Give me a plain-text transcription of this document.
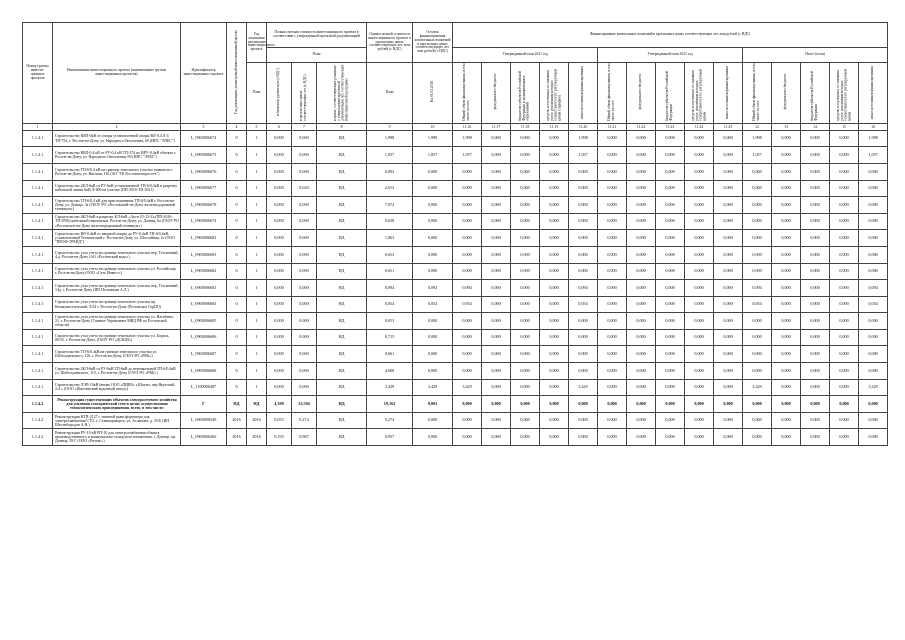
Номер группы инвести-ционных проектов	Наименование инвестиционного проекта (наименование группы инвестиционных проектов)	Идентификатор инвестиционного проекта	Год реализации, реализуемый инвестиционный проект	Год окончания реализации инвестиционного проекта	Полная сметная стоимость инвестиционного проекта в соответствии с утвержденной проектной документацией			Оценка полной стоимости инвестиционного проекта в прогнозных ценах соответствующих лет, млн рублей (с НДС)	Остаток финансирования капитальных вложений в прогнозных ценах соответствующих лет, млн рублей (с НДС)	Финансирование капитальных вложений в прогнозных ценах соответствующих лет, млн рублей (с НДС)														
					План					Утвержденный план 2021 год					Утвержденный план 2022 год					Итого (план)				
				План	в базисном уровне цен (с НДС)	в прогнозных ценах соответствующих лет (с НДС)	в ценах, соответствующих решению о утверждении проектной документации лет, соответствующих инвестиционной программе	План	На 01.01.2018	Общий объем финансирования, в том числе за счет:	федерального бюджета	бюджетов субъектов Российской Федерации и муниципальных образований	средств, полученных от оказания услуг, реализация которых осуществляется по регулируемым ценам (тарифам)	иных источников финансирования	Общий объем финансирования, в том числе за счет:	федерального бюджета	бюджетов субъектов Российской Федерации	средств, полученных от оказания услуг, реализация которых осуществляется по регулируемым ценам	иных источников финансирования	Общий объем финансирования, в том числе за счет:	федерального бюджета	бюджетов субъектов Российской Федерации	средств, полученных от оказания услуг, реализация которых осуществляется по регулируемым ценам	иных источников финансирования
1	2	3	4	5	6	7	8	9	10	11.16	11.17	11.18	11.19	11.20	11.21	11.22	11.23	11.24	11.25	12	13	14	15	16
1.1.4.1	Строительство КЯЛ-0кВ от опоры установленной опоры ВЛ-0,4 Л-4 ТП-754, г. Ростов-на-Дону, ул. Народного Ополчения, 69 (ИПС "ЭЛЕС")	L_0900006674	0	1	0,000	0,000	НД	1,998	1,998	1,998	0,000	0,000	0,000	1,998	0,000	0,000	0,000	0,000	0,000	1,998	0,000	0,000	0,000	1,998
1.1.4.1	Строительство КВЛ-0,4 кВ от РУ-0,4 кВ ТП-374 по ВРУ-0,4кВ объекта г. Ростов-на-Дону, ул. Народного Ополчения, 69 (ИПС "ЭЛЕС")	L_0900006673	0	1	0,000	0,000	НД	1,057	1,057	1,057	0,000	0,000	0,000	1,057	0,000	0,000	0,000	0,000	0,000	1,057	0,000	0,000	0,000	1,057
1.1.4.1	Строительство ТП-6/0,4 кВ на границе земельного участка заявителя г. Ростов-на-Дону, ул. Вятская, 116 (АО "ГК Ростовэлектросеть")	L_0900006676	0	1	0,000	0,000	НД	6,892	0,000	0,000	0,000	0,000	0,000	0,000	0,000	0,000	0,000	0,000	0,000	0,000	0,000	0,000	0,000	0,000
1.1.4.1	Строительство 2КЛ-6кВ от РУ-6кВ установленной ТП-6/0,4кВ в разрезку кабельной линии 6кВ Л-406 на участке (ПП-2016-ТП-3021)	L_0900006677	0	1	0,000	0,020	НД	2,012	0,000	0,009	0,000	0,000	0,000	0,000	0,000	0,000	0,000	0,000	0,000	0,000	0,000	0,000	0,000	0,000
1.1.4.1	Строительство ТП-6/0,4 кВ для присоединения ТП-6/0,4кВ г. Ростов-на-Дону, ул. Доваца, 3а (ГБОУ РО «Ростовский-на-Дону железнодорожный техникум»)	L_0900006678	0	1	0,000	0,000	НД	7,972	0,000	0,000	0,000	0,000	0,000	0,000	0,000	0,000	0,000	0,000	0,000	0,000	0,000	0,000	0,000	0,000
1.1.4.1	Строительство 4КЛ-6кВ в разрезку КЛ-6кВ «Ам-в (Л-23-3)»(ПП-2016-ТП-2956) кабельной перемычки, Ростов-на-Дону, ул. Дачная, 6а (ГБОУ РО «Ростовское на-Дону железнодорожный техникум»)	L_0900006674	0	1	0,000	0,000	НД	0,638	0,000	0,000	0,000	0,000	0,000	0,000	0,000	0,000	0,000	0,000	0,000	0,000	0,000	0,000	0,000	0,000
1.1.4.1	Строительство ВЛ-0,4кВ от вводной опоры до РУ-0,4кВ ТП-6/0,4кВ, установленной Технический г. Ростов-на-Дону, ул. Шоссейная, 2г (ООО "ПРОФ-ТРЕЙД")	L_0900006682	0	1	0,000	0,000	НД	1,063	0,000	0,000	0,000	0,000	0,000	0,000	0,000	0,000	0,000	0,000	0,000	0,000	0,000	0,000	0,000	0,000
1.1.4.1	Строительство узла учета на границе земельного участка пер. Тепличный, 4,д. Ростов-на-Дону (АО «Ростовский водо»)	L_0900006683	0	1	0,000	0,000	НД	0,653	0,000	0,000	0,000	0,000	0,000	0,000	0,000	0,000	0,000	0,000	0,000	0,000	0,000	0,000	0,000	0,000
1.1.4.1	Строительство узла учета на границе земельного участка ул. Российская, г. Ростов-на-Дону (ООО «Сеть Инвест»)	L_0900006682	0	1	0,000	0,000	НД	0,651	0,000	0,000	0,000	0,000	0,000	0,000	0,000	0,000	0,000	0,000	0,000	0,000	0,000	0,000	0,000	0,000
1.1.4.1	Строительство узла учета на границе земельного участка пер. Тепличный, 14д, г. Ростов-на-Дону (ИП Несмачная А.Л.)	L_0900006681	0	1	0,000	0,000	НД	0,094	0,094	0,094	0,000	0,000	0,000	0,094	0,000	0,000	0,000	0,000	0,000	0,094	0,000	0,000	0,000	0,094
1.1.4.1	Строительство узла учета на границе земельного участка пр. Коммунистический, 9/24 г. Ростов-на-Дону (Ростовское ГорПО)	L_0900006684	0	1	0,000	0,000	НД	0,054	0,054	0,054	0,000	0,000	0,000	0,054	0,000	0,000	0,000	0,000	0,000	0,054	0,000	0,000	0,000	0,054
1.1.4.1	Строительство узла учета на границе земельного участка ул. Нагибина, 21, г. Ростов-на-Дону (Главное Управление МВД РФ по Ростовской области)	L_0900006685	0	1	0,000	0,000	НД	0,653	0,000	0,000	0,000	0,000	0,000	0,000	0,000	0,000	0,000	0,000	0,000	0,000	0,000	0,000	0,000	0,000
1.1.4.1	Строительство узла учета на границе земельного участка ул. Бориса, 80/35, г. Ростов-на-Дону, (ГБОУ РО «ДСЮИ»)	L_0900006686	0	1	0,000	0,000	НД	0,715	0,000	0,000	0,000	0,000	0,000	0,000	0,000	0,000	0,000	0,000	0,000	0,000	0,000	0,000	0,000	0,000
1.1.4.1	Строительство ТП-6/0,4кВ на границе земельного участка ул. Шеболдаевского, 116, г. Ростов-на-Дону, (ГБУЗ РО «РКБ»)	L_0900006687	0	1	0,000	0,000	НД	0,661	0,000	0,000	0,000	0,000	0,000	0,000	0,000	0,000	0,000	0,000	0,000	0,000	0,000	0,000	0,000	0,000
1.1.4.1	Строительство 2КЛ-6кВ от РУ-6кВ ТП-6кВ до вертикальной ТП-6/0,4кВ ул. Шеболдаевского, 115, г. Ростов-на-Дону (ГАУЗ РО «РКБ»)	L_0900006688	0	1	0,000	0,000	НД	4,608	0,000	0,000	0,000	0,000	0,000	0,000	0,000	0,000	0,000	0,000	0,000	0,000	0,000	0,000	0,000	0,000
1.1.4.1	Строительство ЛЭП-10кВ (вновь ООО «ПИЕВ» г.Шахты, пер.Якутский, 2«Г» (ООО «Шахтинский водочный завод»)	L_1100006487	0	1	0,000	0,000	НД	3,429	3,429	3,429	0,000	0,000	0,000	3,429	0,000	0,000	0,000	0,000	0,000	3,429	0,000	0,000	0,000	3,429
1.1.4.2	Реконструкция существующих объектов электросетевого хозяйства для усиления электрической сети в целях осуществления технологического присоединения, всего, в том числе:	Г	НД	НД	4,399	23,594	НД	19,162	0,003	0,000	0,000	0,000	0,000	0,000	0,000	0,000	0,000	0,000	0,000	0,000	0,000	0,000	0,000	0,000
1.1.4.2	Реконструкция КТП-2127 с заменой трансформатора для электроснабжения СТО, г. Семикаракорск, ул. Асланова, д. 35-Б (ИП Шестибородов А.Н.)	L_0000000549	2016	2016	0,053	0,274	НД	0,274	0,000	0,000	0,000	0,000	0,000	0,000	0,000	0,000	0,000	0,000	0,000	0,000	0,000	0,000	0,000	0,000
1.1.4.2	Реконструкция РУ-10 кВ РП-10 для электроснабжения объекта производственного и коммунально-складского назначения, г. Донецк, пр. Донецк, 39 Г (ООО «Ритекс»)	L_0900006406	2016	2016	0,193	0,967	НД	0,957	0,000	0,000	0,000	0,000	0,000	0,000	0,000	0,000	0,000	0,000	0,000	0,000	0,000	0,000	0,000	0,000
